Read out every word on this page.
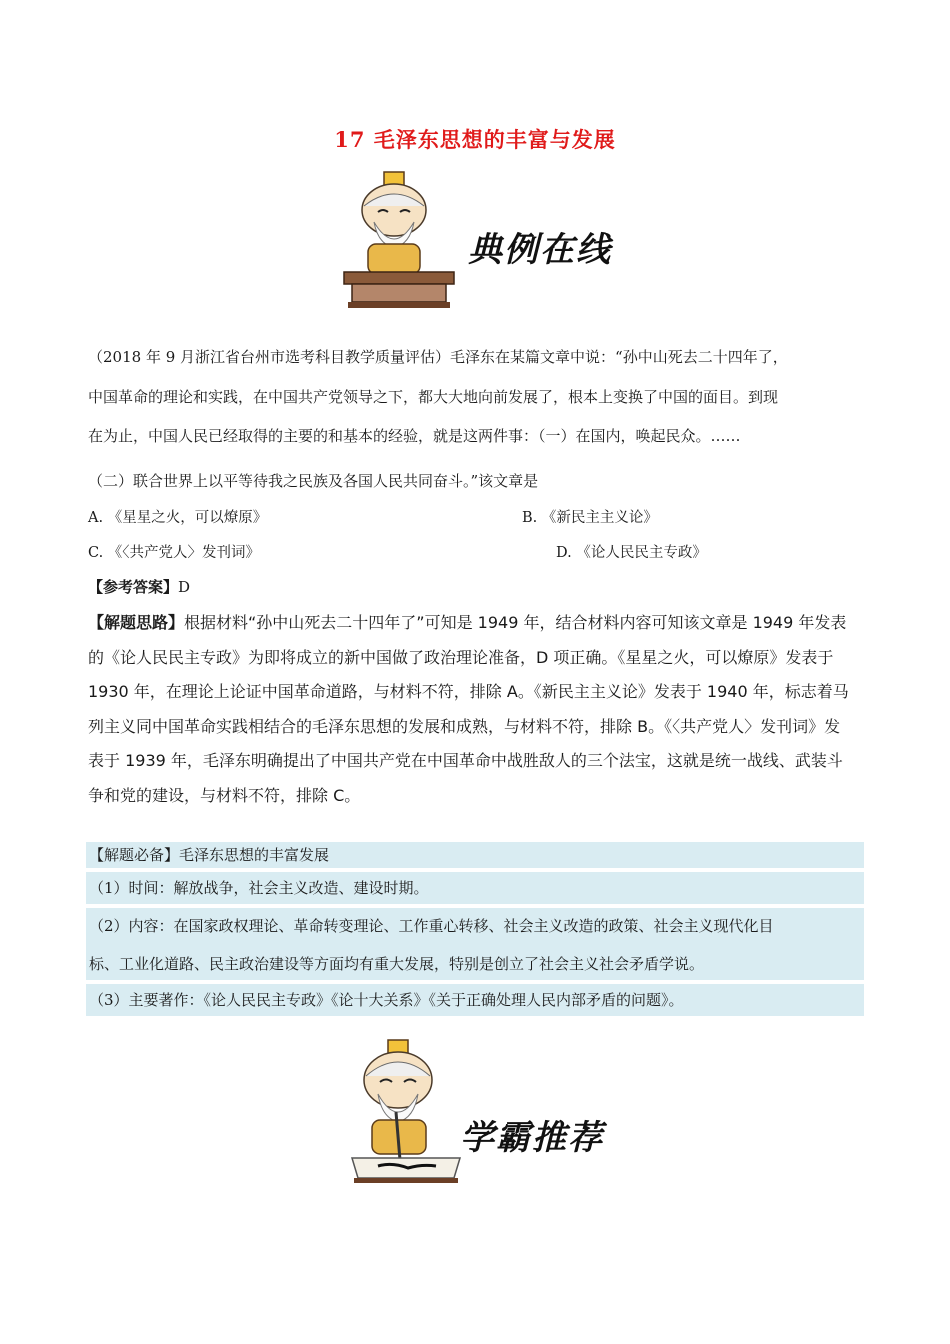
17 毛泽东思想的丰富与发展
典例在线
（2018 年 9 月浙江省台州市选考科目教学质量评估）毛泽东在某篇文章中说：“孙中山死去二十四年了，
中国革命的理论和实践，在中国共产党领导之下，都大大地向前发展了，根本上变换了中国的面目。到现
在为止，中国人民已经取得的主要的和基本的经验，就是这两件事：（一）在国内，唤起民众。……
（二）联合世界上以平等待我之民族及各国人民共同奋斗。”该文章是
A. 《星星之火，可以燎原》	B. 《新民主主义论》
C. 《〈共产党人〉发刊词》	D. 《论人民民主专政》
【参考答案】D
【解题思路】根据材料“孙中山死去二十四年了”可知是 1949 年，结合材料内容可知该文章是 1949 年发表的《论人民民主专政》为即将成立的新中国做了政治理论准备，D 项正确。《星星之火，可以燎原》发表于 1930 年，在理论上论证中国革命道路，与材料不符，排除 A。《新民主主义论》发表于 1940 年，标志着马列主义同中国革命实践相结合的毛泽东思想的发展和成熟，与材料不符，排除 B。《〈共产党人〉发刊词》发表于 1939 年，毛泽东明确提出了中国共产党在中国革命中战胜敌人的三个法宝，这就是统一战线、武装斗争和党的建设，与材料不符，排除 C。
【解题必备】毛泽东思想的丰富发展
（1）时间：解放战争，社会主义改造、建设时期。
（2）内容：在国家政权理论、革命转变理论、工作重心转移、社会主义改造的政策、社会主义现代化目
标、工业化道路、民主政治建设等方面均有重大发展，特别是创立了社会主义社会矛盾学说。
（3）主要著作：《论人民民主专政》《论十大关系》《关于正确处理人民内部矛盾的问题》。
学霸推荐
